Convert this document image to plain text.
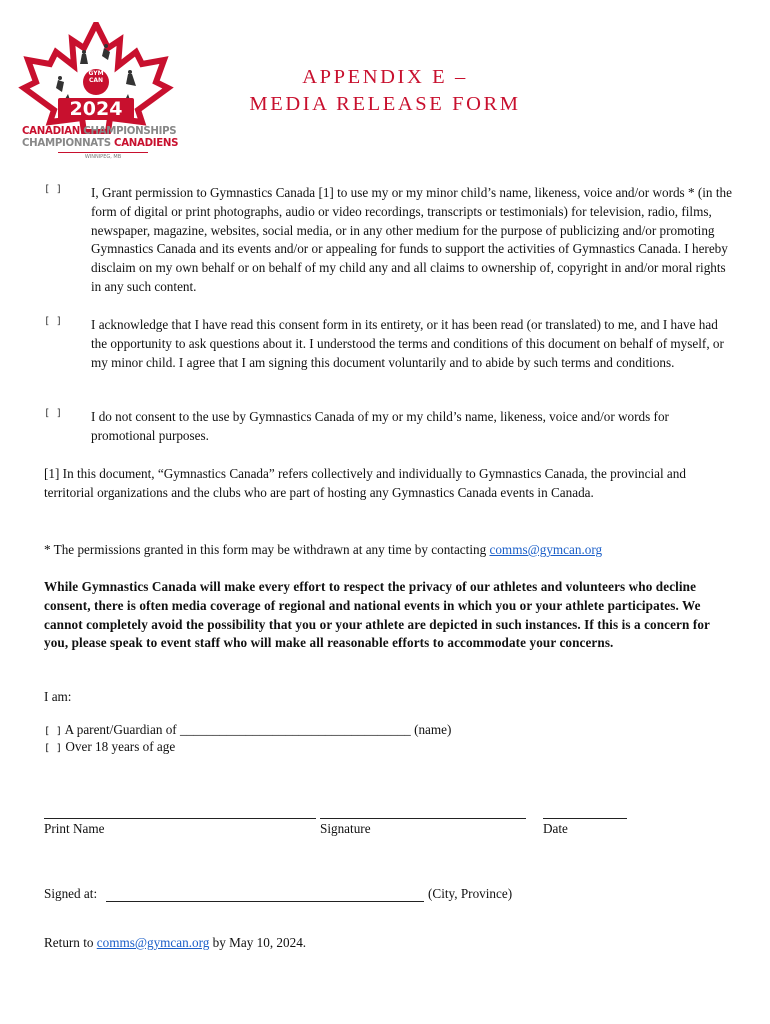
GYM
CAN
2024
CANADIAN CHAMPIONSHIPS
CHAMPIONNATS CANADIENS
WINNIPEG, MB
APPENDIX E –
MEDIA RELEASE FORM
[ ] I, Grant permission to Gymnastics Canada [1] to use my or my minor child’s name, likeness, voice and/or words * (in the form of digital or print photographs, audio or video recordings, transcripts or testimonials) for television, radio, films, newspaper, magazine, websites, social media, or in any other medium for the purpose of publicizing and/or promoting Gymnastics Canada and its events and/or or appealing for funds to support the activities of Gymnastics Canada. I hereby disclaim on my own behalf or on behalf of my child any and all claims to ownership of, copyright in and/or moral rights in any such content.
[ ] I acknowledge that I have read this consent form in its entirety, or it has been read (or translated) to me, and I have had the opportunity to ask questions about it. I understood the terms and conditions of this document on behalf of myself, or my minor child. I agree that I am signing this document voluntarily and to abide by such terms and conditions.
[ ] I do not consent to the use by Gymnastics Canada of my or my child’s name, likeness, voice and/or words for promotional purposes.
[1] In this document, “Gymnastics Canada” refers collectively and individually to Gymnastics Canada, the provincial and territorial organizations and the clubs who are part of hosting any Gymnastics Canada events in Canada.
* The permissions granted in this form may be withdrawn at any time by contacting comms@gymcan.org
While Gymnastics Canada will make every effort to respect the privacy of our athletes and volunteers who decline consent, there is often media coverage of regional and national events in which you or your athlete participates. We cannot completely avoid the possibility that you or your athlete are depicted in such instances. If this is a concern for you, please speak to event staff who will make all reasonable efforts to accommodate your concerns.
I am:
[ ] A parent/Guardian of ___________________________________ (name)
[ ] Over 18 years of age
Print Name	Signature	Date
Signed at:	(City, Province)
Return to comms@gymcan.org by May 10, 2024.
